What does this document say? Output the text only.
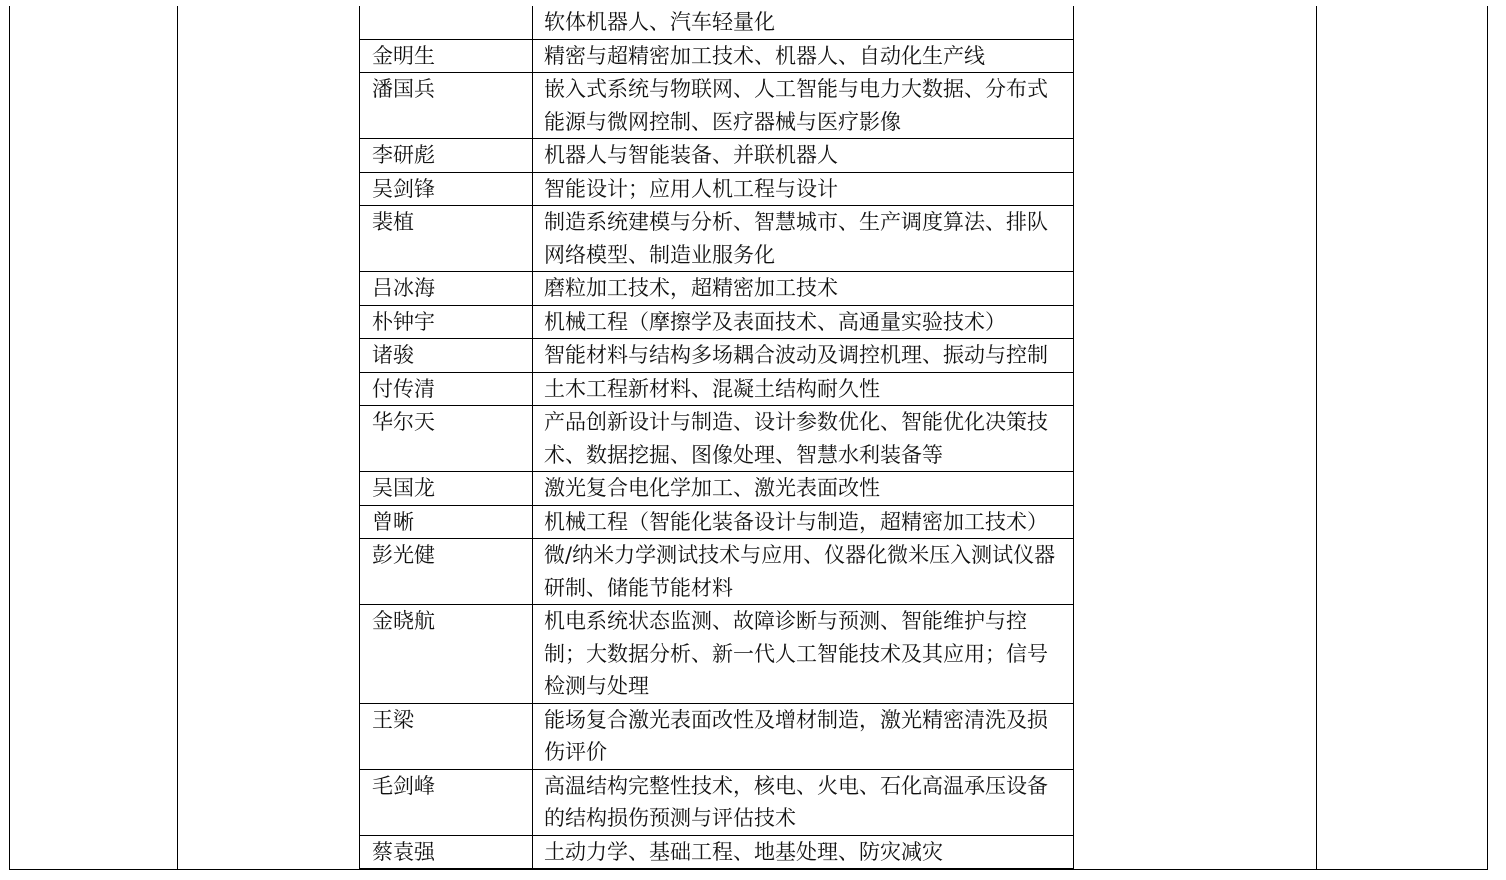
	软体机器人、汽车轻量化
金明生	精密与超精密加工技术、机器人、自动化生产线
潘国兵	嵌入式系统与物联网、人工智能与电力大数据、分布式能源与微网控制、医疗器械与医疗影像
李研彪	机器人与智能装备、并联机器人
吴剑锋	智能设计；应用人机工程与设计
裴植	制造系统建模与分析、智慧城市、生产调度算法、排队网络模型、制造业服务化
吕冰海	磨粒加工技术，超精密加工技术
朴钟宇	机械工程（摩擦学及表面技术、高通量实验技术）
诸骏	智能材料与结构多场耦合波动及调控机理、振动与控制
付传清	土木工程新材料、混凝土结构耐久性
华尔天	产品创新设计与制造、设计参数优化、智能优化决策技术、数据挖掘、图像处理、智慧水利装备等
吴国龙	激光复合电化学加工、激光表面改性
曾晰	机械工程（智能化装备设计与制造，超精密加工技术）
彭光健	微/纳米力学测试技术与应用、仪器化微米压入测试仪器研制、储能节能材料
金晓航	机电系统状态监测、故障诊断与预测、智能维护与控制；大数据分析、新一代人工智能技术及其应用；信号检测与处理
王梁	能场复合激光表面改性及增材制造，激光精密清洗及损伤评价
毛剑峰	高温结构完整性技术，核电、火电、石化高温承压设备的结构损伤预测与评估技术
蔡袁强	土动力学、基础工程、地基处理、防灾减灾
